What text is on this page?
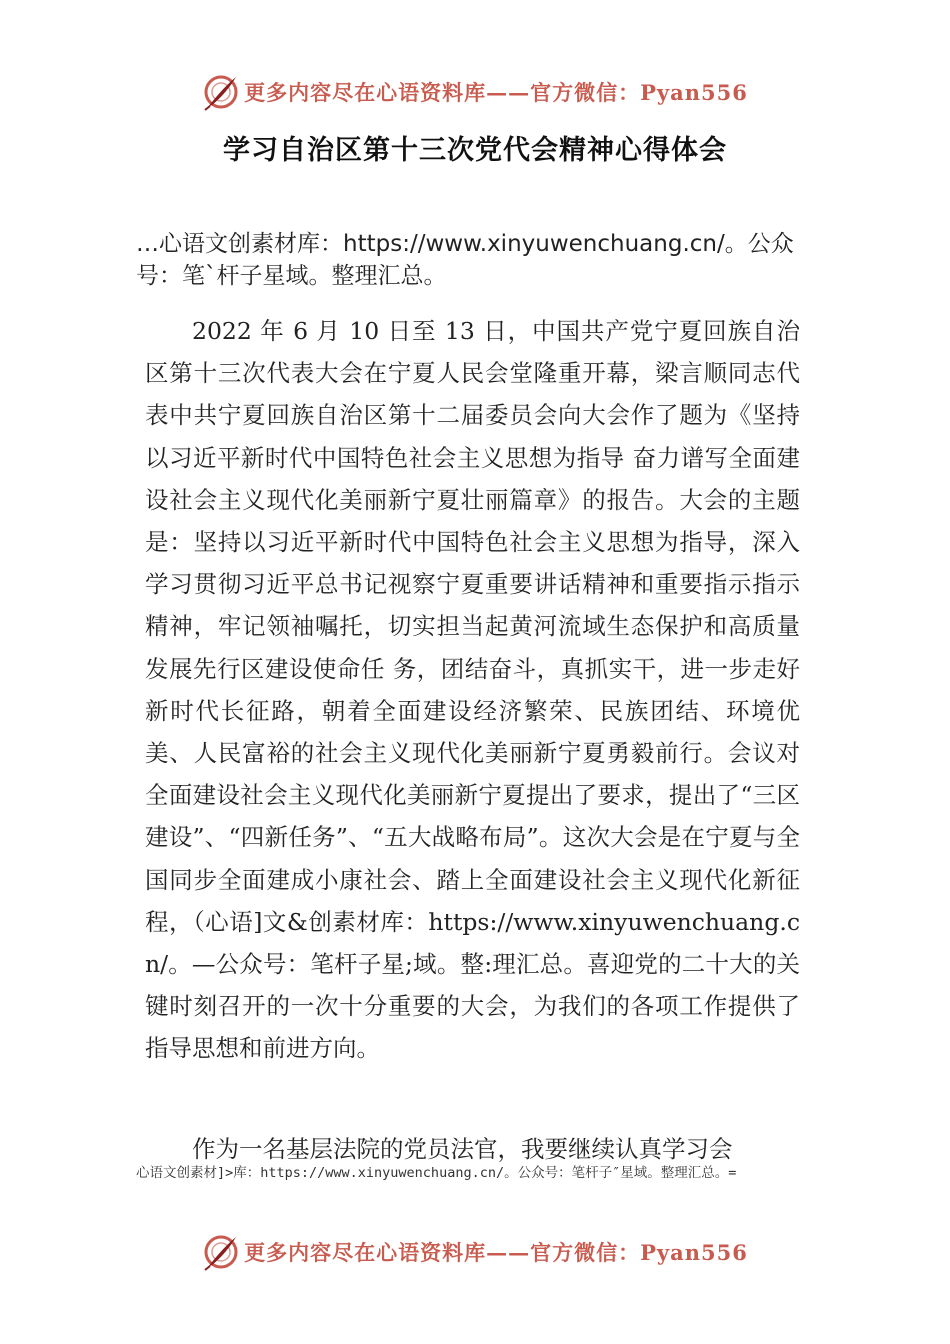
更多内容尽在心语资料库——官方微信：Pyan556
学习自治区第十三次党代会精神心得体会
…心语文创素材库：https://www.xinyuwenchuang.cn/。公众号：笔`杆子星域。整理汇总。
2022 年 6 月 10 日至 13 日，中国共产党宁夏回族自治区第十三次代表大会在宁夏人民会堂隆重开幕，梁言顺同志代表中共宁夏回族自治区第十二届委员会向大会作了题为《坚持以习近平新时代中国特色社会主义思想为指导 奋力谱写全面建设社会主义现代化美丽新宁夏壮丽篇章》的报告。大会的主题是：坚持以习近平新时代中国特色社会主义思想为指导，深入学习贯彻习近平总书记视察宁夏重要讲话精神和重要指示指示精神，牢记领袖嘱托，切实担当起黄河流域生态保护和高质量发展先行区建设使命任 务，团结奋斗，真抓实干，进一步走好新时代长征路，朝着全面建设经济繁荣、民族团结、环境优美、人民富裕的社会主义现代化美丽新宁夏勇毅前行。会议对全面建设社会主义现代化美丽新宁夏提出了要求，提出了“三区建设”、“四新任务”、“五大战略布局”。这次大会是在宁夏与全国同步全面建成小康社会、踏上全面建设社会主义现代化新征程，（心语]文&创素材库：https://www.xinyuwenchuang.cn/。—公众号：笔杆子星;域。整:理汇总。喜迎党的二十大的关键时刻召开的一次十分重要的大会，为我们的各项工作提供了指导思想和前进方向。
作为一名基层法院的党员法官，我要继续认真学习会
心语文创素材]>库：https://www.xinyuwenchuang.cn/。公众号：笔杆子″星域。整理汇总。=
更多内容尽在心语资料库——官方微信：Pyan556
